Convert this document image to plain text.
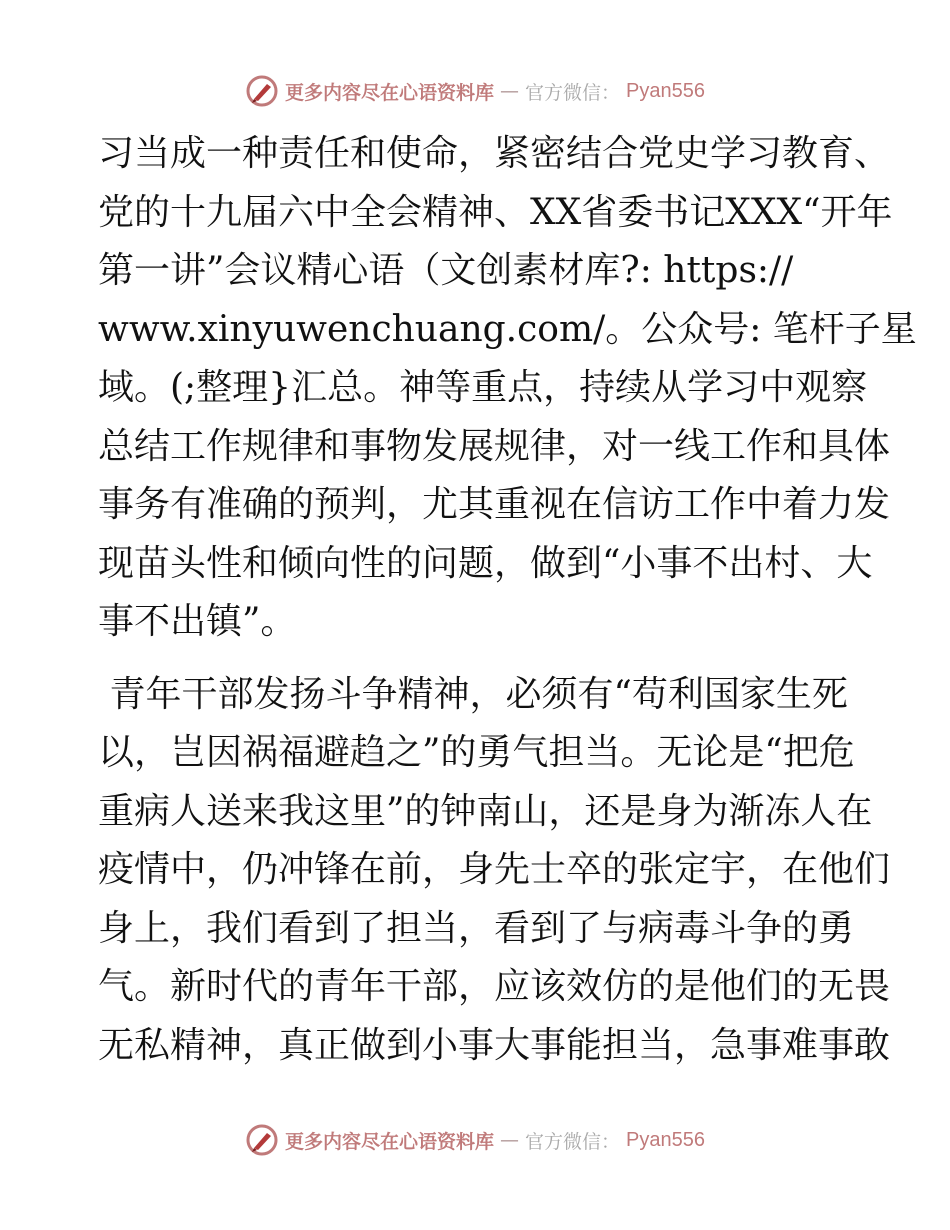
更多内容尽在心语资料库 — 官方微信： Pyan556
习当成一种责任和使命，紧密结合党史学习教育、
党的十九届六中全会精神、XX省委书记XXX“开年
第一讲”会议精心语（文创素材库?: https://
www.xinyuwenchuang.com/。公众号: 笔杆子星
域。(;整理}汇总。神等重点，持续从学习中观察
总结工作规律和事物发展规律，对一线工作和具体
事务有准确的预判，尤其重视在信访工作中着力发
现苗头性和倾向性的问题，做到“小事不出村、大
事不出镇”。
青年干部发扬斗争精神，必须有“苟利国家生死
以，岂因祸福避趋之”的勇气担当。无论是“把危
重病人送来我这里”的钟南山，还是身为渐冻人在
疫情中，仍冲锋在前，身先士卒的张定宇，在他们
身上，我们看到了担当，看到了与病毒斗争的勇
气。新时代的青年干部，应该效仿的是他们的无畏
无私精神，真正做到小事大事能担当，急事难事敢
更多内容尽在心语资料库 — 官方微信： Pyan556
